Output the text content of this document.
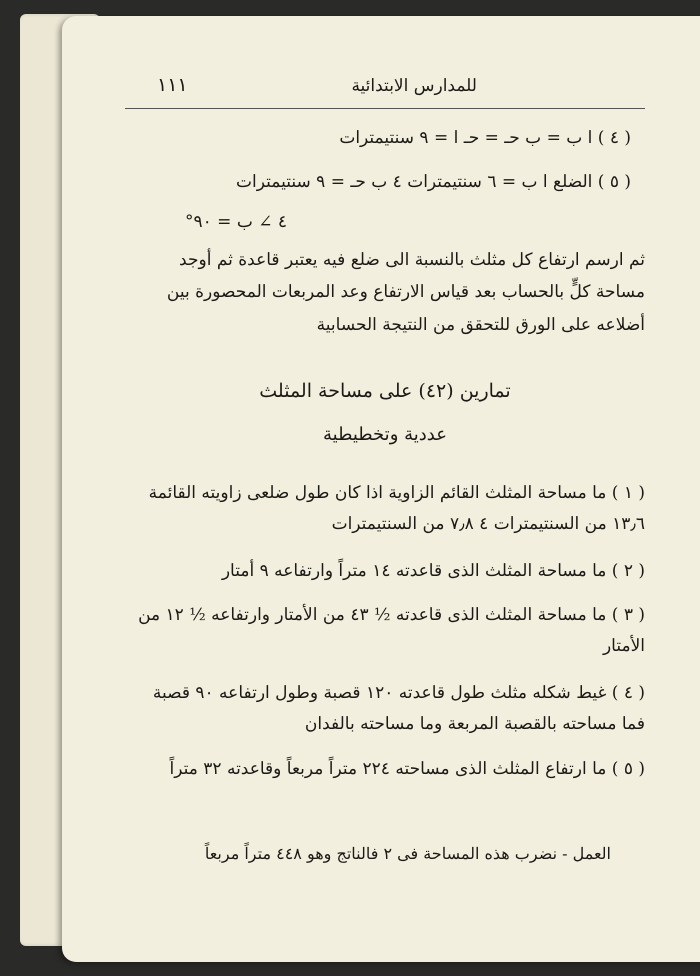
للمدارس الابتدائية
١١١

( ٤ ) ا ب = ب حـ = حـ ا = ٩ سنتيمترات

( ٥ ) الضلع ا ب = ٦ سنتيمترات ٤ ب حـ = ٩ سنتيمترات

٤ ∠ ب = ٩٠°

ثم ارسم ارتفاع كل مثلث بالنسبة الى ضلع فيه يعتبر قاعدة ثم أوجد مساحة كلٍّ بالحساب بعد قياس الارتفاع وعد المربعات المحصورة بين أضلاعه على الورق للتحقق من النتيجة الحسابية

تمارين (٤٢) على مساحة المثلث
عددية وتخطيطية

( ١ ) ما مساحة المثلث القائم الزاوية اذا كان طول ضلعى زاويته القائمة ١٣٫٦ من السنتيمترات ٤ ٧٫٨ من السنتيمترات

( ٢ ) ما مساحة المثلث الذى قاعدته ١٤ متراً وارتفاعه ٩ أمتار

( ٣ ) ما مساحة المثلث الذى قاعدته ½ ٤٣ من الأمتار وارتفاعه ½ ١٢ من الأمتار

( ٤ ) غيط شكله مثلث طول قاعدته ١٢٠ قصبة وطول ارتفاعه ٩٠ قصبة فما مساحته بالقصبة المربعة وما مساحته بالفدان

( ٥ ) ما ارتفاع المثلث الذى مساحته ٢٢٤ متراً مربعاً وقاعدته ٣٢ متراً

العمل - نضرب هذه المساحة فى ٢ فالناتج وهو ٤٤٨ متراً مربعاً
